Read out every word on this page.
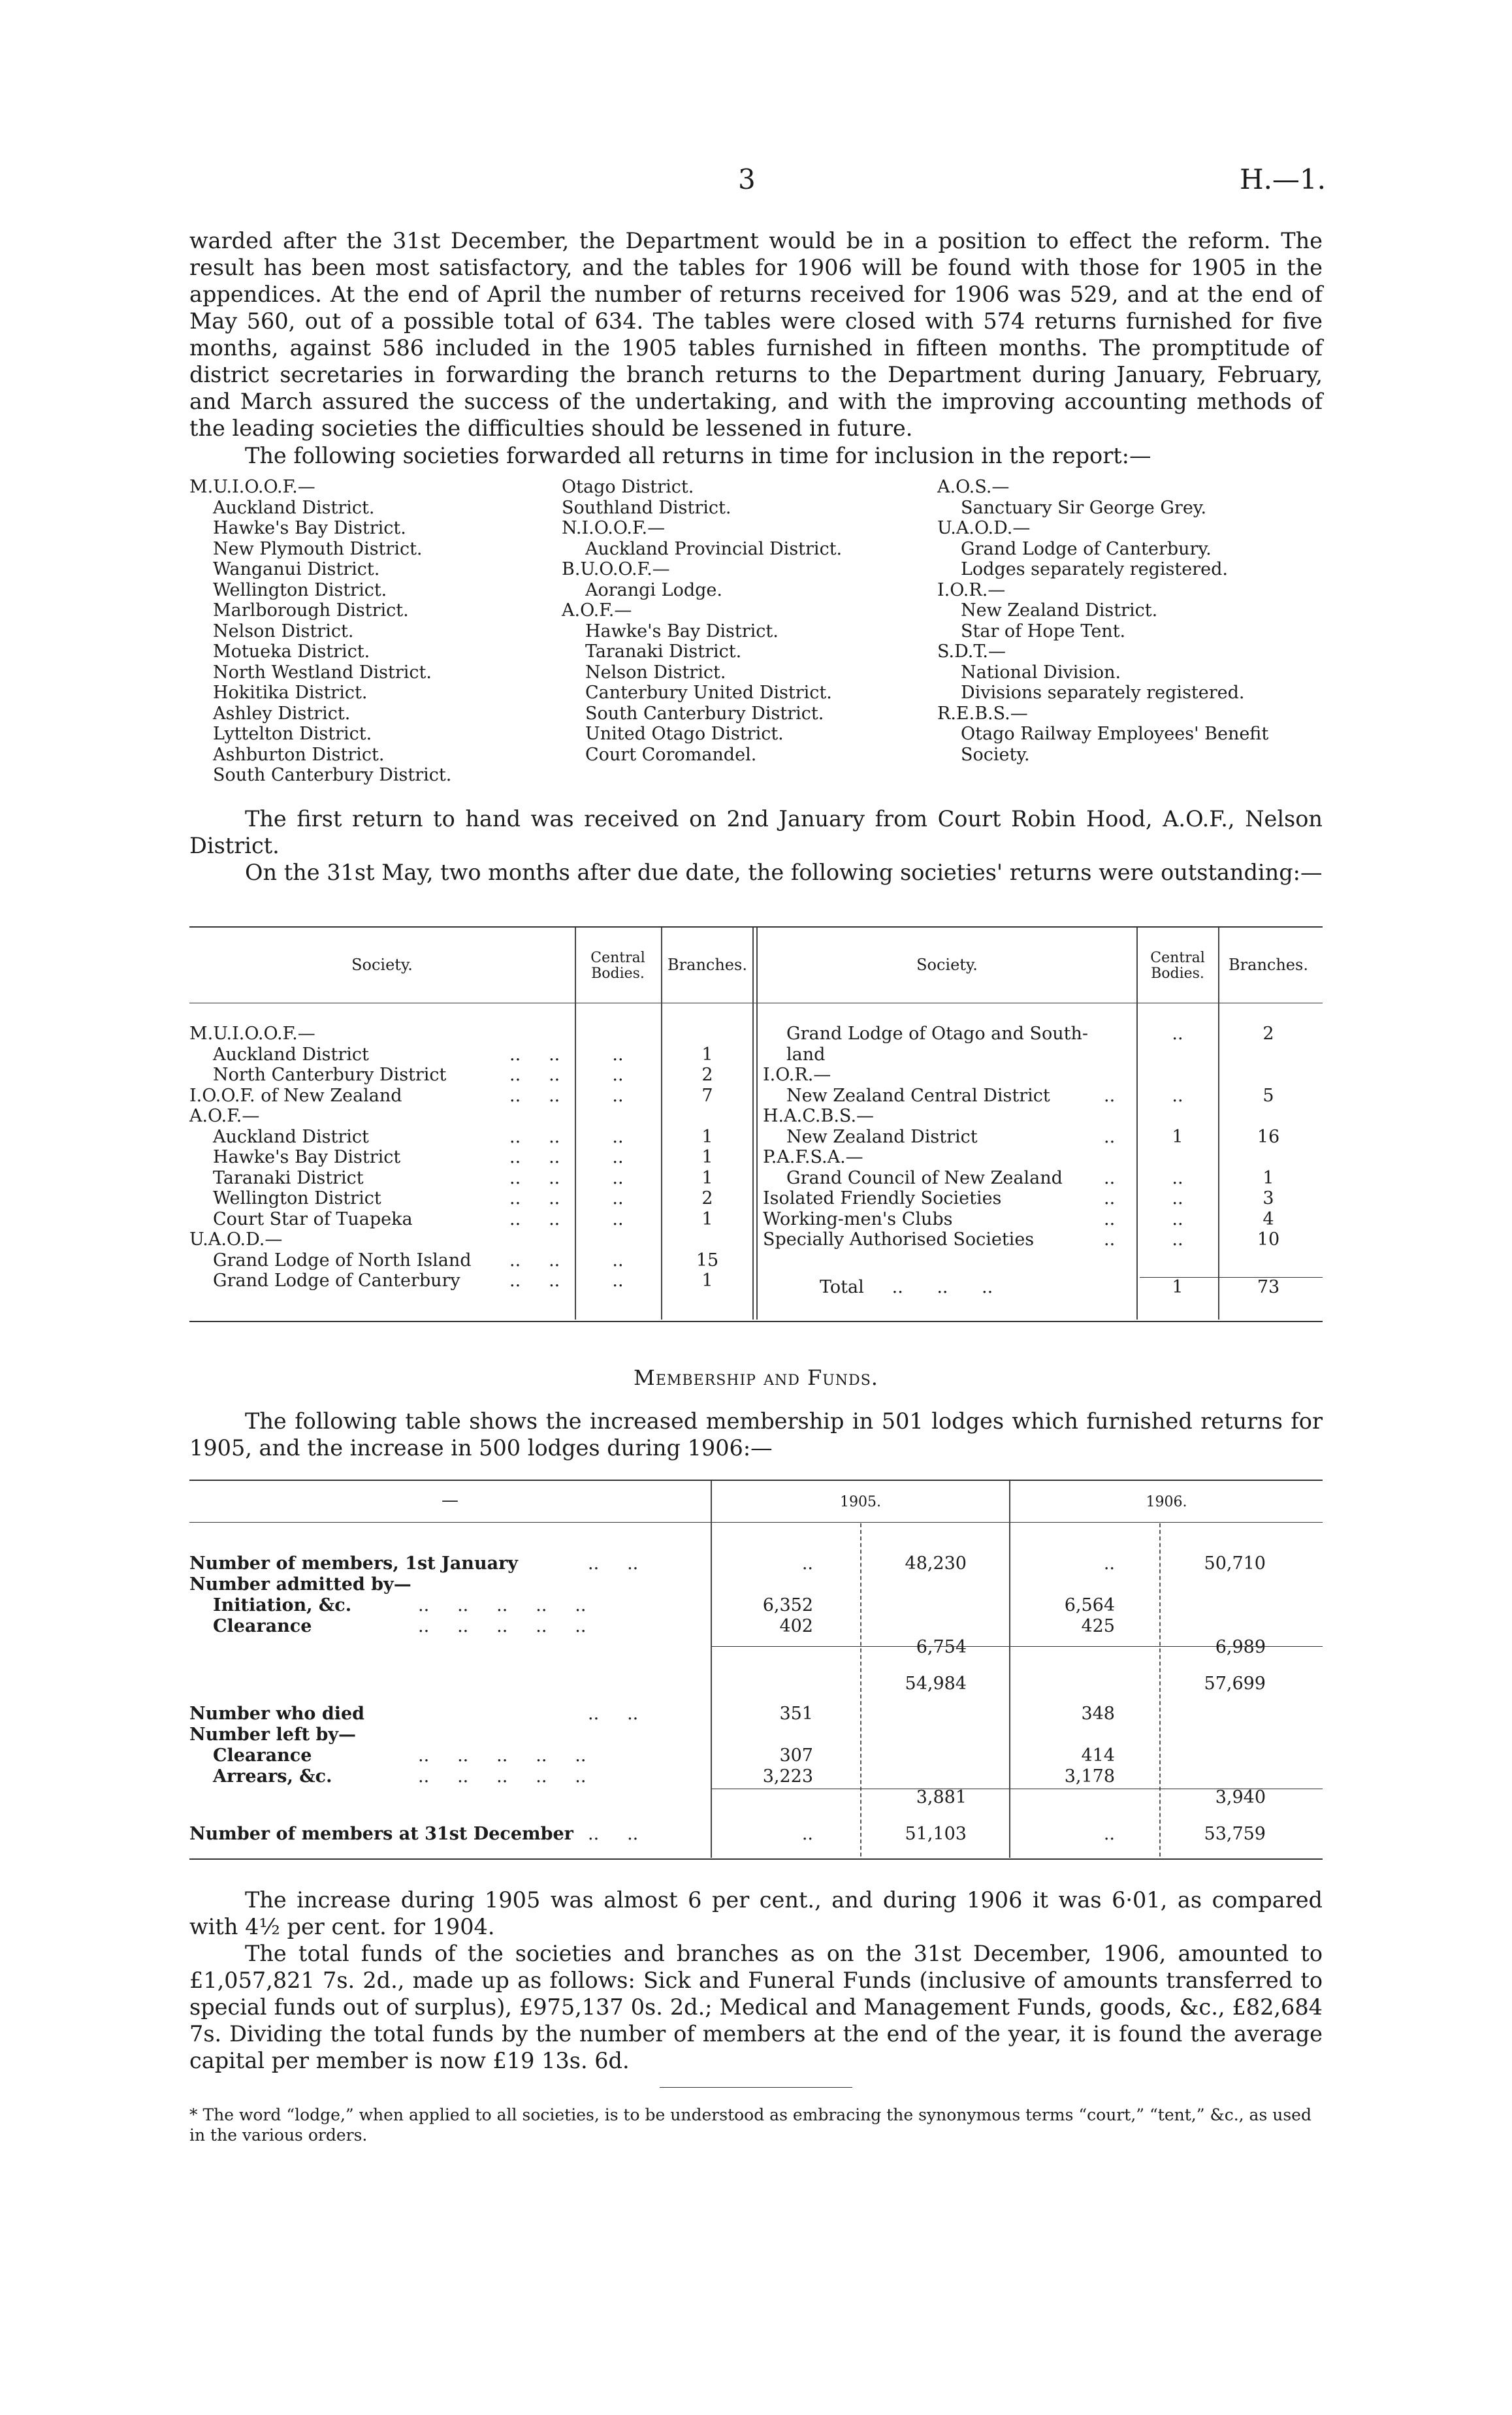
3	H.—1.

warded after the 31st December, the Department would be in a position to effect the reform. The result has been most satisfactory, and the tables for 1906 will be found with those for 1905 in the appendices. At the end of April the number of returns received for 1906 was 529, and at the end of May 560, out of a possible total of 634. The tables were closed with 574 returns furnished for five months, against 586 included in the 1905 tables furnished in fifteen months. The promptitude of district secretaries in forwarding the branch returns to the Department during January, February, and March assured the success of the undertaking, and with the improving accounting methods of the leading societies the difficulties should be lessened in future.

The following societies forwarded all returns in time for inclusion in the report:—

M.U.I.O.O.F.—
Auckland District.
Hawke's Bay District.
New Plymouth District.
Wanganui District.
Wellington District.
Marlborough District.
Nelson District.
Motueka District.
North Westland District.
Hokitika District.
Ashley District.
Lyttelton District.
Ashburton District.
South Canterbury District.
Otago District.
Southland District.
N.I.O.O.F.—
Auckland Provincial District.
B.U.O.O.F.—
Aorangi Lodge.
A.O.F.—
Hawke's Bay District.
Taranaki District.
Nelson District.
Canterbury United District.
South Canterbury District.
United Otago District.
Court Coromandel.
A.O.S.—
Sanctuary Sir George Grey.
U.A.O.D.—
Grand Lodge of Canterbury.
Lodges separately registered.
I.O.R.—
New Zealand District.
Star of Hope Tent.
S.D.T.—
National Division.
Divisions separately registered.
R.E.B.S.—
Otago Railway Employees' Benefit
Society.

The first return to hand was received on 2nd January from Court Robin Hood, A.O.F., Nelson District.

On the 31st May, two months after due date, the following societies' returns were outstanding:—

Society.	Central Bodies.	Branches.	Society.	Central Bodies.	Branches.
M.U.I.O.O.F.—
Auckland District	..     ..	..	1
North Canterbury District	..     ..	..	2
I.O.O.F. of New Zealand	..     ..	..	7
A.O.F.—
Auckland District	..     ..	..	1
Hawke's Bay District	..     ..	..	1
Taranaki District	..     ..	..	1
Wellington District	..     ..	..	2
Court Star of Tuapeka	..     ..	..	1
U.A.O.D.—
Grand Lodge of North Island ..     ..	..	15
Grand Lodge of Canterbury	..     ..	..	1
Grand Lodge of Otago and South-	..	2
land
I.O.R.—
New Zealand Central District	..	..	5
H.A.C.B.S.—
New Zealand District	..	1	16
P.A.F.S.A.—
Grand Council of New Zealand ..	..	1
Isolated Friendly Societies	..	..	3
Working-men's Clubs	..	..	4
Specially Authorised Societies	..	..	10
Total     ..      ..      ..	1	73
Membership and Funds.

The following table shows the increased membership in 501 lodges which furnished returns for 1905, and the increase in 500 lodges during 1906:—

—	1905.	1906.
Number of members, 1st January	..     ..	..	48,230	..	50,710
Number admitted by—
Initiation, &c.	..     ..     ..     ..     ..	6,352	6,564
Clearance	..     ..     ..     ..     ..	402	425
6,754	6,989
54,984	57,699
Number who died	..     ..	351	348
Number left by—
Clearance	..     ..     ..     ..     ..	307	414
Arrears, &c.	..     ..     ..     ..     ..	3,223	3,178
3,881	3,940
Number of members at 31st December ..     ..	..	51,103	..	53,759

The increase during 1905 was almost 6 per cent., and during 1906 it was 6·01, as compared with 4½ per cent. for 1904.

The total funds of the societies and branches as on the 31st December, 1906, amounted to £1,057,821 7s. 2d., made up as follows: Sick and Funeral Funds (inclusive of amounts transferred to special funds out of surplus), £975,137 0s. 2d.; Medical and Management Funds, goods, &c., £82,684 7s. Dividing the total funds by the number of members at the end of the year, it is found the average capital per member is now £19 13s. 6d.

* The word “lodge,” when applied to all societies, is to be understood as embracing the synonymous terms “court,” “tent,” &c., as used in the various orders.
